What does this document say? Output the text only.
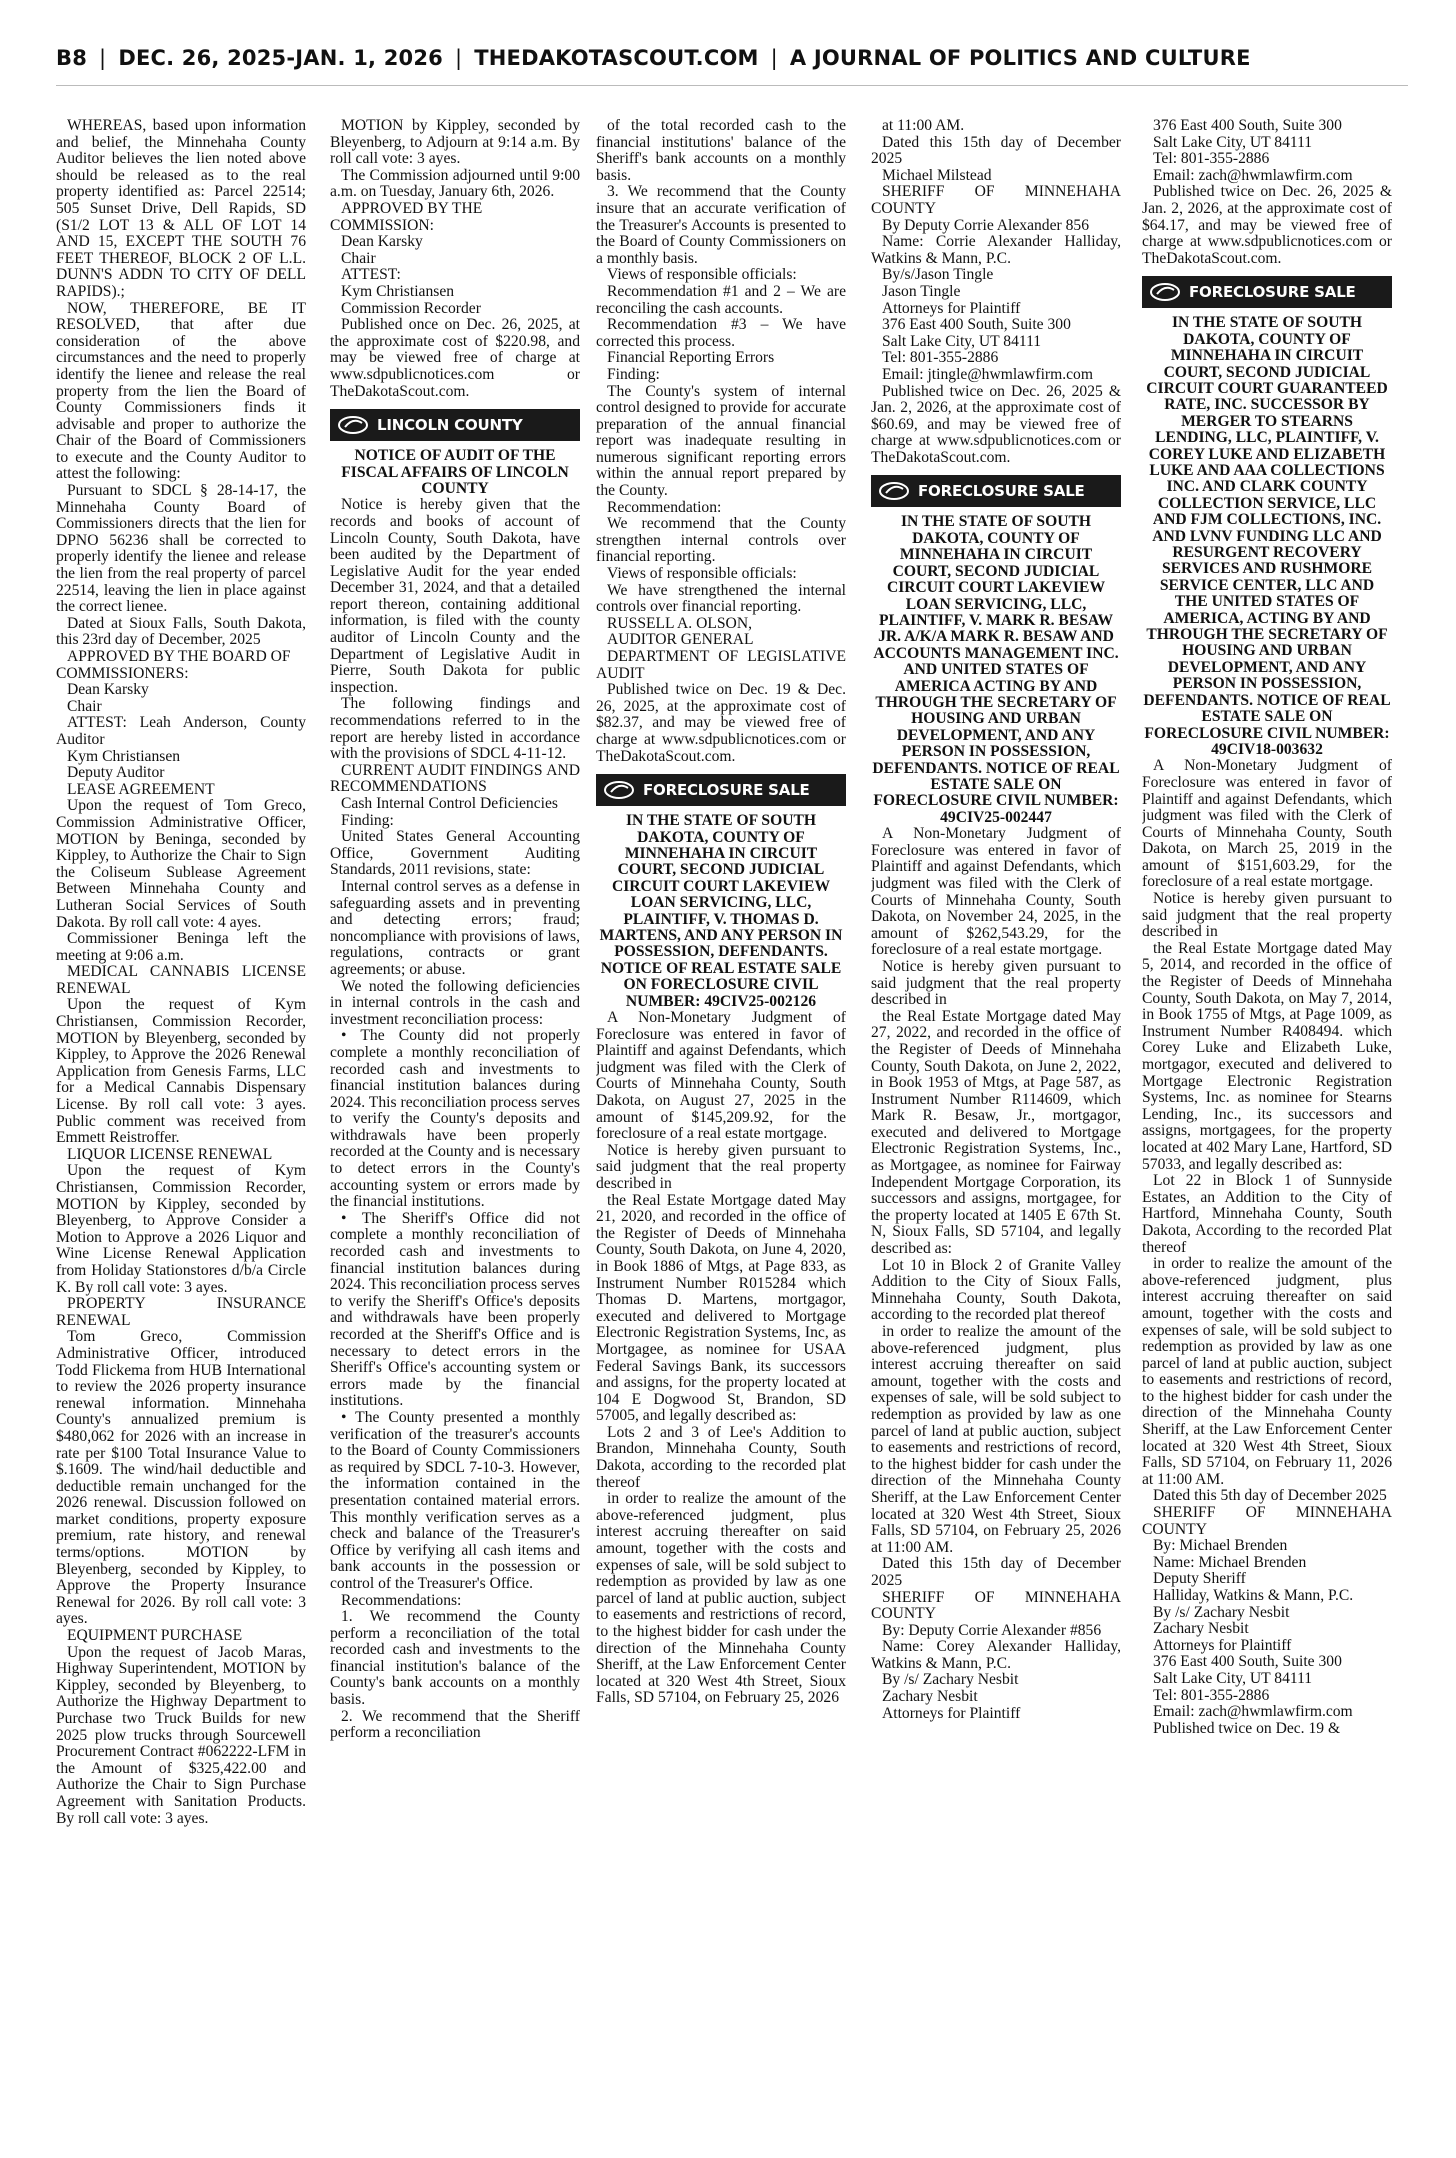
B8 | DEC. 26, 2025-JAN. 1, 2026 | THEDAKOTASCOUT.COM | A JOURNAL OF POLITICS AND CULTURE

WHEREAS, based upon information and belief, the Minnehaha County Auditor believes the lien noted above should be released as to the real property identified as: Parcel 22514; 505 Sunset Drive, Dell Rapids, SD (S1/2 LOT 13 & ALL OF LOT 14 AND 15, EXCEPT THE SOUTH 76 FEET THEREOF, BLOCK 2 OF L.L. DUNN'S ADDN TO CITY OF DELL RAPIDS).;

NOW, THEREFORE, BE IT RESOLVED, that after due consideration of the above circumstances and the need to properly identify the lienee and release the real property from the lien the Board of County Commissioners finds it advisable and proper to authorize the Chair of the Board of Commissioners to execute and the County Auditor to attest the following:

Pursuant to SDCL § 28-14-17, the Minnehaha County Board of Commissioners directs that the lien for DPNO 56236 shall be corrected to properly identify the lienee and release the lien from the real property of parcel 22514, leaving the lien in place against the correct lienee.

Dated at Sioux Falls, South Dakota, this 23rd day of December, 2025

APPROVED BY THE BOARD OF COMMISSIONERS:

Dean Karsky

Chair

ATTEST: Leah Anderson, County Auditor

Kym Christiansen

Deputy Auditor

LEASE AGREEMENT

Upon the request of Tom Greco, Commission Administrative Officer, MOTION by Beninga, seconded by Kippley, to Authorize the Chair to Sign the Coliseum Sublease Agreement Between Minnehaha County and Lutheran Social Services of South Dakota. By roll call vote: 4 ayes.

Commissioner Beninga left the meeting at 9:06 a.m.

MEDICAL CANNABIS LICENSE RENEWAL

Upon the request of Kym Christiansen, Commission Recorder, MOTION by Bleyenberg, seconded by Kippley, to Approve the 2026 Renewal Application from Genesis Farms, LLC for a Medical Cannabis Dispensary License. By roll call vote: 3 ayes. Public comment was received from Emmett Reistroffer.

LIQUOR LICENSE RENEWAL

Upon the request of Kym Christiansen, Commission Recorder, MOTION by Kippley, seconded by Bleyenberg, to Approve Consider a Motion to Approve a 2026 Liquor and Wine License Renewal Application from Holiday Stationstores d/b/a Circle K. By roll call vote: 3 ayes.

PROPERTY INSURANCE RENEWAL

Tom Greco, Commission Administrative Officer, introduced Todd Flickema from HUB International to review the 2026 property insurance renewal information. Minnehaha County's annualized premium is $480,062 for 2026 with an increase in rate per $100 Total Insurance Value to $.1609. The wind/hail deductible and deductible remain unchanged for the 2026 renewal. Discussion followed on market conditions, property exposure premium, rate history, and renewal terms/options. MOTION by Bleyenberg, seconded by Kippley, to Approve the Property Insurance Renewal for 2026. By roll call vote: 3 ayes.

EQUIPMENT PURCHASE

Upon the request of Jacob Maras, Highway Superintendent, MOTION by Kippley, seconded by Bleyenberg, to Authorize the Highway Department to Purchase two Truck Builds for new 2025 plow trucks through Sourcewell Procurement Contract #062222-LFM in the Amount of $325,422.00 and Authorize the Chair to Sign Purchase Agreement with Sanitation Products. By roll call vote: 3 ayes.

MOTION by Kippley, seconded by Bleyenberg, to Adjourn at 9:14 a.m. By roll call vote: 3 ayes.

The Commission adjourned until 9:00 a.m. on Tuesday, January 6th, 2026.

APPROVED BY THE COMMISSION:

Dean Karsky

Chair

ATTEST:

Kym Christiansen

Commission Recorder

Published once on Dec. 26, 2025, at the approximate cost of $220.98, and may be viewed free of charge at www.sdpublicnotices.com or TheDakotaScout.com.

LINCOLN COUNTY

NOTICE OF AUDIT OF THE FISCAL AFFAIRS OF LINCOLN COUNTY

Notice is hereby given that the records and books of account of Lincoln County, South Dakota, have been audited by the Department of Legislative Audit for the year ended December 31, 2024, and that a detailed report thereon, containing additional information, is filed with the county auditor of Lincoln County and the Department of Legislative Audit in Pierre, South Dakota for public inspection.

The following findings and recommendations referred to in the report are hereby listed in accordance with the provisions of SDCL 4-11-12.

CURRENT AUDIT FINDINGS AND RECOMMENDATIONS

Cash Internal Control Deficiencies

Finding:

United States General Accounting Office, Government Auditing Standards, 2011 revisions, state:

Internal control serves as a defense in safeguarding assets and in preventing and detecting errors; fraud; noncompliance with provisions of laws, regulations, contracts or grant agreements; or abuse.

We noted the following deficiencies in internal controls in the cash and investment reconciliation process:

• The County did not properly complete a monthly reconciliation of recorded cash and investments to financial institution balances during 2024. This reconciliation process serves to verify the County's deposits and withdrawals have been properly recorded at the County and is necessary to detect errors in the County's accounting system or errors made by the financial institutions.

• The Sheriff's Office did not complete a monthly reconciliation of recorded cash and investments to financial institution balances during 2024. This reconciliation process serves to verify the Sheriff's Office's deposits and withdrawals have been properly recorded at the Sheriff's Office and is necessary to detect errors in the Sheriff's Office's accounting system or errors made by the financial institutions.

• The County presented a monthly verification of the treasurer's accounts to the Board of County Commissioners as required by SDCL 7-10-3. However, the information contained in the presentation contained material errors. This monthly verification serves as a check and balance of the Treasurer's Office by verifying all cash items and bank accounts in the possession or control of the Treasurer's Office.

Recommendations:

1. We recommend the County perform a reconciliation of the total recorded cash and investments to the financial institution's balance of the County's bank accounts on a monthly basis.

2. We recommend that the Sheriff perform a reconciliation

of the total recorded cash to the financial institutions' balance of the Sheriff's bank accounts on a monthly basis.

3. We recommend that the County insure that an accurate verification of the Treasurer's Accounts is presented to the Board of County Commissioners on a monthly basis.

Views of responsible officials:

Recommendation #1 and 2 – We are reconciling the cash accounts.

Recommendation #3 – We have corrected this process.

Financial Reporting Errors

Finding:

The County's system of internal control designed to provide for accurate preparation of the annual financial report was inadequate resulting in numerous significant reporting errors within the annual report prepared by the County.

Recommendation:

We recommend that the County strengthen internal controls over financial reporting.

Views of responsible officials:

We have strengthened the internal controls over financial reporting.

RUSSELL A. OLSON,

AUDITOR GENERAL

DEPARTMENT OF LEGISLATIVE AUDIT

Published twice on Dec. 19 & Dec. 26, 2025, at the approximate cost of $82.37, and may be viewed free of charge at www.sdpublicnotices.com or TheDakotaScout.com.

FORECLOSURE SALE

IN THE STATE OF SOUTH DAKOTA, COUNTY OF MINNEHAHA IN CIRCUIT COURT, SECOND JUDICIAL CIRCUIT COURT LAKEVIEW LOAN SERVICING, LLC, PLAINTIFF, V. THOMAS D. MARTENS, AND ANY PERSON IN POSSESSION, DEFENDANTS. NOTICE OF REAL ESTATE SALE ON FORECLOSURE CIVIL NUMBER: 49CIV25-002126

A Non-Monetary Judgment of Foreclosure was entered in favor of Plaintiff and against Defendants, which judgment was filed with the Clerk of Courts of Minnehaha County, South Dakota, on August 27, 2025 in the amount of $145,209.92, for the foreclosure of a real estate mortgage.

Notice is hereby given pursuant to said judgment that the real property described in

the Real Estate Mortgage dated May 21, 2020, and recorded in the office of the Register of Deeds of Minnehaha County, South Dakota, on June 4, 2020, in Book 1886 of Mtgs, at Page 833, as Instrument Number R015284 which Thomas D. Martens, mortgagor, executed and delivered to Mortgage Electronic Registration Systems, Inc, as Mortgagee, as nominee for USAA Federal Savings Bank, its successors and assigns, for the property located at 104 E Dogwood St, Brandon, SD 57005, and legally described as:

Lots 2 and 3 of Lee's Addition to Brandon, Minnehaha County, South Dakota, according to the recorded plat thereof

in order to realize the amount of the above-referenced judgment, plus interest accruing thereafter on said amount, together with the costs and expenses of sale, will be sold subject to redemption as provided by law as one parcel of land at public auction, subject to easements and restrictions of record, to the highest bidder for cash under the direction of the Minnehaha County Sheriff, at the Law Enforcement Center located at 320 West 4th Street, Sioux Falls, SD 57104, on February 25, 2026

at 11:00 AM.

Dated this 15th day of December 2025

Michael Milstead

SHERIFF OF MINNEHAHA COUNTY

By Deputy Corrie Alexander 856

Name: Corrie Alexander Halliday, Watkins & Mann, P.C.

By/s/Jason Tingle

Jason Tingle

Attorneys for Plaintiff

376 East 400 South, Suite 300

Salt Lake City, UT 84111

Tel: 801-355-2886

Email: jtingle@hwmlawfirm.com

Published twice on Dec. 26, 2025 & Jan. 2, 2026, at the approximate cost of $60.69, and may be viewed free of charge at www.sdpublicnotices.com or TheDakotaScout.com.

FORECLOSURE SALE

IN THE STATE OF SOUTH DAKOTA, COUNTY OF MINNEHAHA IN CIRCUIT COURT, SECOND JUDICIAL CIRCUIT COURT LAKEVIEW LOAN SERVICING, LLC, PLAINTIFF, V. MARK R. BESAW JR. A/K/A MARK R. BESAW AND ACCOUNTS MANAGEMENT INC. AND UNITED STATES OF AMERICA ACTING BY AND THROUGH THE SECRETARY OF HOUSING AND URBAN DEVELOPMENT, AND ANY PERSON IN POSSESSION, DEFENDANTS. NOTICE OF REAL ESTATE SALE ON FORECLOSURE CIVIL NUMBER: 49CIV25-002447

A Non-Monetary Judgment of Foreclosure was entered in favor of Plaintiff and against Defendants, which judgment was filed with the Clerk of Courts of Minnehaha County, South Dakota, on November 24, 2025, in the amount of $262,543.29, for the foreclosure of a real estate mortgage.

Notice is hereby given pursuant to said judgment that the real property described in

the Real Estate Mortgage dated May 27, 2022, and recorded in the office of the Register of Deeds of Minnehaha County, South Dakota, on June 2, 2022, in Book 1953 of Mtgs, at Page 587, as Instrument Number R114609, which Mark R. Besaw, Jr., mortgagor, executed and delivered to Mortgage Electronic Registration Systems, Inc., as Mortgagee, as nominee for Fairway Independent Mortgage Corporation, its successors and assigns, mortgagee, for the property located at 1405 E 67th St. N, Sioux Falls, SD 57104, and legally described as:

Lot 10 in Block 2 of Granite Valley Addition to the City of Sioux Falls, Minnehaha County, South Dakota, according to the recorded plat thereof

in order to realize the amount of the above-referenced judgment, plus interest accruing thereafter on said amount, together with the costs and expenses of sale, will be sold subject to redemption as provided by law as one parcel of land at public auction, subject to easements and restrictions of record, to the highest bidder for cash under the direction of the Minnehaha County Sheriff, at the Law Enforcement Center located at 320 West 4th Street, Sioux Falls, SD 57104, on February 25, 2026 at 11:00 AM.

Dated this 15th day of December 2025

SHERIFF OF MINNEHAHA COUNTY

By: Deputy Corrie Alexander #856

Name: Corey Alexander Halliday, Watkins & Mann, P.C.

By /s/ Zachary Nesbit

Zachary Nesbit

Attorneys for Plaintiff

376 East 400 South, Suite 300

Salt Lake City, UT 84111

Tel: 801-355-2886

Email: zach@hwmlawfirm.com

Published twice on Dec. 26, 2025 & Jan. 2, 2026, at the approximate cost of $64.17, and may be viewed free of charge at www.sdpublicnotices.com or TheDakotaScout.com.

FORECLOSURE SALE

IN THE STATE OF SOUTH DAKOTA, COUNTY OF MINNEHAHA IN CIRCUIT COURT, SECOND JUDICIAL CIRCUIT COURT GUARANTEED RATE, INC. SUCCESSOR BY MERGER TO STEARNS LENDING, LLC, PLAINTIFF, V. COREY LUKE AND ELIZABETH LUKE AND AAA COLLECTIONS INC. AND CLARK COUNTY COLLECTION SERVICE, LLC AND FJM COLLECTIONS, INC. AND LVNV FUNDING LLC AND RESURGENT RECOVERY SERVICES AND RUSHMORE SERVICE CENTER, LLC AND THE UNITED STATES OF AMERICA, ACTING BY AND THROUGH THE SECRETARY OF HOUSING AND URBAN DEVELOPMENT, AND ANY PERSON IN POSSESSION, DEFENDANTS. NOTICE OF REAL ESTATE SALE ON FORECLOSURE CIVIL NUMBER: 49CIV18-003632

A Non-Monetary Judgment of Foreclosure was entered in favor of Plaintiff and against Defendants, which judgment was filed with the Clerk of Courts of Minnehaha County, South Dakota, on March 25, 2019 in the amount of $151,603.29, for the foreclosure of a real estate mortgage.

Notice is hereby given pursuant to said judgment that the real property described in

the Real Estate Mortgage dated May 5, 2014, and recorded in the office of the Register of Deeds of Minnehaha County, South Dakota, on May 7, 2014, in Book 1755 of Mtgs, at Page 1009, as Instrument Number R408494. which Corey Luke and Elizabeth Luke, mortgagor, executed and delivered to Mortgage Electronic Registration Systems, Inc. as nominee for Stearns Lending, Inc., its successors and assigns, mortgagees, for the property located at 402 Mary Lane, Hartford, SD 57033, and legally described as:

Lot 22 in Block 1 of Sunnyside Estates, an Addition to the City of Hartford, Minnehaha County, South Dakota, According to the recorded Plat thereof

in order to realize the amount of the above-referenced judgment, plus interest accruing thereafter on said amount, together with the costs and expenses of sale, will be sold subject to redemption as provided by law as one parcel of land at public auction, subject to easements and restrictions of record, to the highest bidder for cash under the direction of the Minnehaha County Sheriff, at the Law Enforcement Center located at 320 West 4th Street, Sioux Falls, SD 57104, on February 11, 2026 at 11:00 AM.

Dated this 5th day of December 2025

SHERIFF OF MINNEHAHA COUNTY

By: Michael Brenden

Name: Michael Brenden

Deputy Sheriff

Halliday, Watkins & Mann, P.C.

By /s/ Zachary Nesbit

Zachary Nesbit

Attorneys for Plaintiff

376 East 400 South, Suite 300

Salt Lake City, UT 84111

Tel: 801-355-2886

Email: zach@hwmlawfirm.com

Published twice on Dec. 19 &
